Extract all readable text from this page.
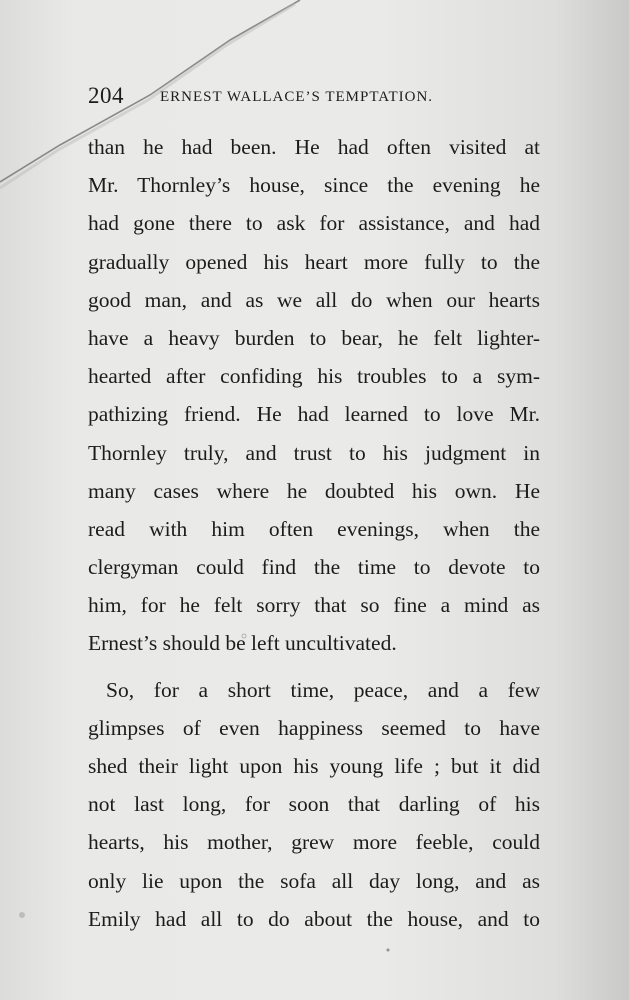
204 ERNEST WALLACE’S TEMPTATION.
than he had been. He had often visited at
Mr. Thornley’s house, since the evening he
had gone there to ask for assistance, and had
gradually opened his heart more fully to the
good man, and as we all do when our hearts
have a heavy burden to bear, he felt lighter-
hearted after confiding his troubles to a sym-
pathizing friend. He had learned to love Mr.
Thornley truly, and trust to his judgment in
many cases where he doubted his own. He
read with him often evenings, when the
clergyman could find the time to devote to
him, for he felt sorry that so fine a mind as
Ernest’s should be left uncultivated.
So, for a short time, peace, and a few
glimpses of even happiness seemed to have
shed their light upon his young life ; but it did
not last long, for soon that darling of his
hearts, his mother, grew more feeble, could
only lie upon the sofa all day long, and as
Emily had all to do about the house, and to
